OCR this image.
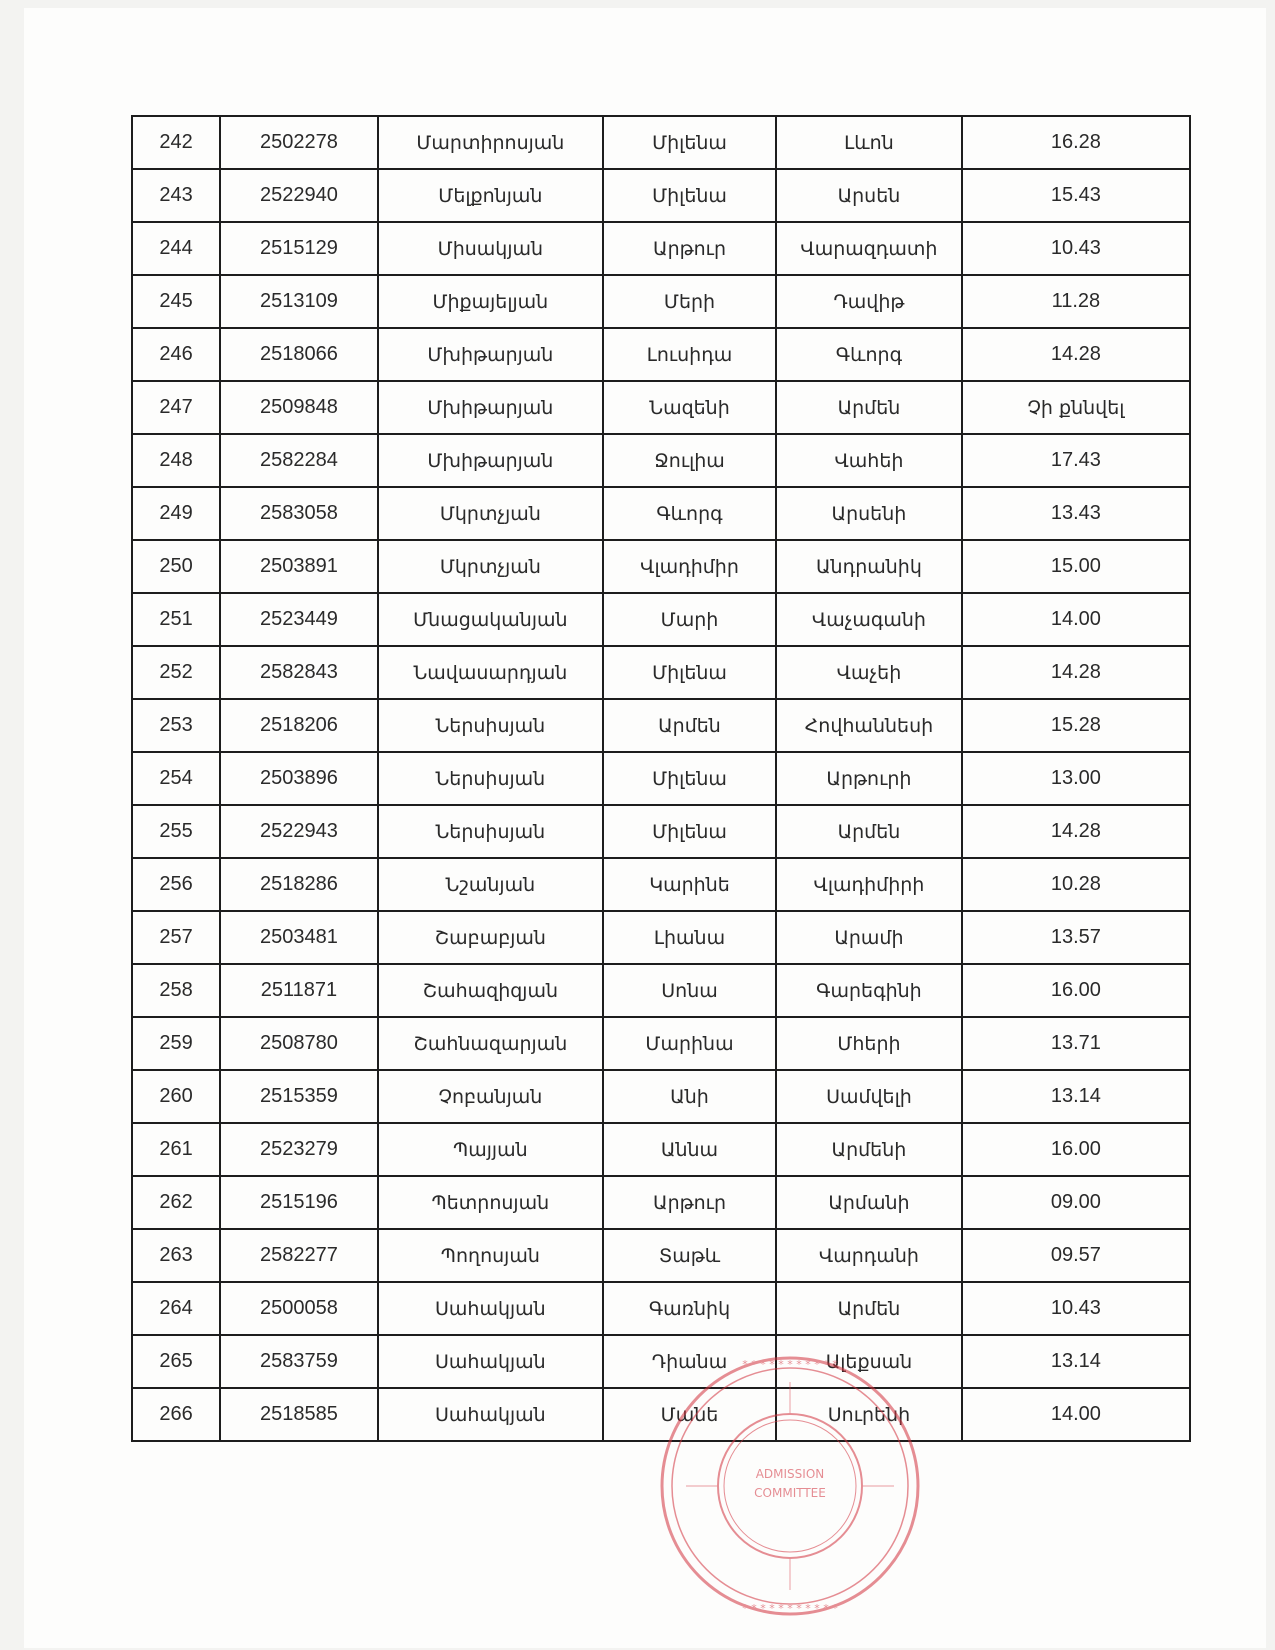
242	2502278	Մարտիրոսյան	Միլենա	Լևոն	16.28
243	2522940	Մելքոնյան	Միլենա	Արսեն	15.43
244	2515129	Միսակյան	Արթուր	Վարազդատի	10.43
245	2513109	Միքայելյան	Մերի	Դավիթ	11.28
246	2518066	Մխիթարյան	Լուսիդա	Գևորգ	14.28
247	2509848	Մխիթարյան	Նազենի	Արմեն	Չի քննվել
248	2582284	Մխիթարյան	Ջուլիա	Վահեի	17.43
249	2583058	Մկրտչյան	Գևորգ	Արսենի	13.43
250	2503891	Մկրտչյան	Վլադիմիր	Անդրանիկ	15.00
251	2523449	Մնացականյան	Մարի	Վաչագանի	14.00
252	2582843	Նավասարդյան	Միլենա	Վաչեի	14.28
253	2518206	Ներսիսյան	Արմեն	Հովհաննեսի	15.28
254	2503896	Ներսիսյան	Միլենա	Արթուրի	13.00
255	2522943	Ներսիսյան	Միլենա	Արմեն	14.28
256	2518286	Նշանյան	Կարինե	Վլադիմիրի	10.28
257	2503481	Շաբաբյան	Լիանա	Արամի	13.57
258	2511871	Շահազիզյան	Սոնա	Գարեգինի	16.00
259	2508780	Շահնազարյան	Մարինա	Մհերի	13.71
260	2515359	Չոբանյան	Անի	Սամվելի	13.14
261	2523279	Պայյան	Աննա	Արմենի	16.00
262	2515196	Պետրոսյան	Արթուր	Արմանի	09.00
263	2582277	Պողոսյան	Տաթև	Վարդանի	09.57
264	2500058	Սահակյան	Գառնիկ	Արմեն	10.43
265	2583759	Սահակյան	Դիանա	Ալեքսան	13.14
266	2518585	Սահակյան	Մանե	Սուրենի	14.00
* * * * * * * * * * *
* * * * * * * * * * *
ADMISSION
COMMITTEE
